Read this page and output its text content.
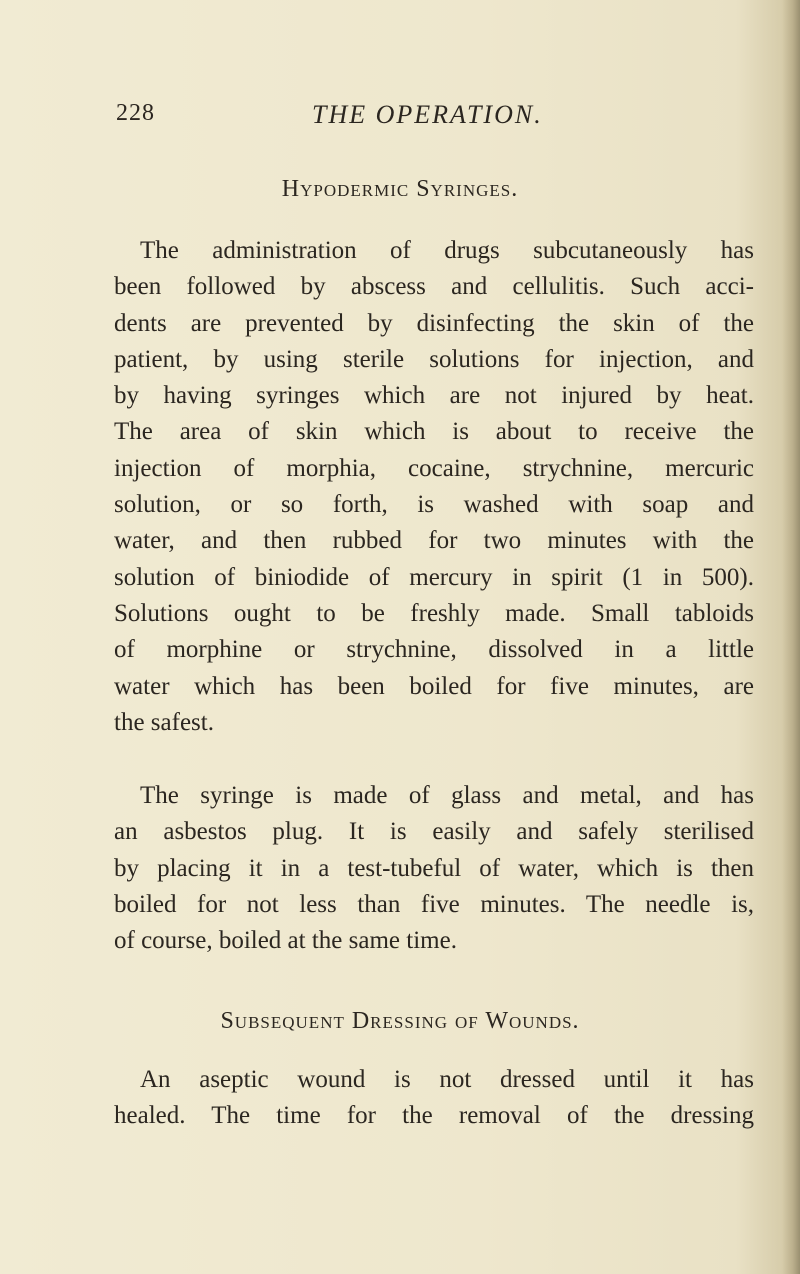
228	THE OPERATION.
Hypodermic Syringes.
The administration of drugs subcutaneously has
been followed by abscess and cellulitis. Such acci-
dents are prevented by disinfecting the skin of the
patient, by using sterile solutions for injection, and
by having syringes which are not injured by heat.
The area of skin which is about to receive the
injection of morphia, cocaine, strychnine, mercuric
solution, or so forth, is washed with soap and
water, and then rubbed for two minutes with the
solution of biniodide of mercury in spirit (1 in 500).
Solutions ought to be freshly made. Small tabloids
of morphine or strychnine, dissolved in a little
water which has been boiled for five minutes, are
the safest.
The syringe is made of glass and metal, and has
an asbestos plug. It is easily and safely sterilised
by placing it in a test-tubeful of water, which is then
boiled for not less than five minutes. The needle is,
of course, boiled at the same time.
Subsequent Dressing of Wounds.
An aseptic wound is not dressed until it has
healed. The time for the removal of the dressing
